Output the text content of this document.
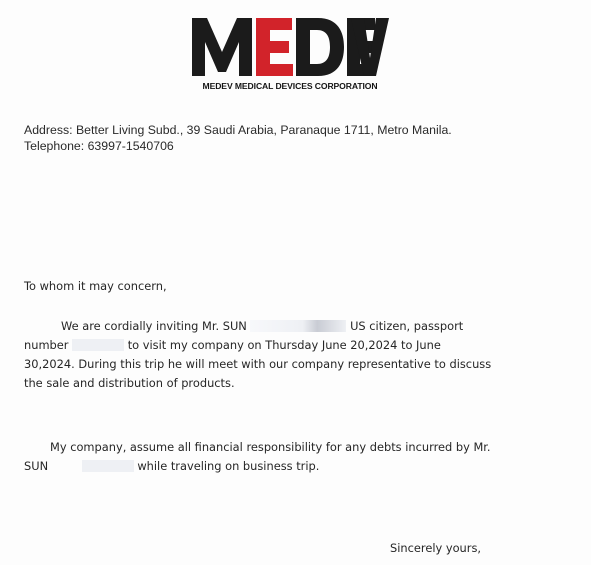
MEDEV MEDICAL DEVICES CORPORATION
Address: Better Living Subd., 39 Saudi Arabia, Paranaque 1711, Metro Manila.
Telephone: 63997-1540706
To whom it may concern,
We are cordially inviting Mr. SUN	US citizen, passport
number	to visit my company on Thursday June 20,2024 to June
30,2024. During this trip he will meet with our company representative to discuss
the sale and distribution of products.
My company, assume all financial responsibility for any debts incurred by Mr.
SUN	while traveling on business trip.
Sincerely yours,
